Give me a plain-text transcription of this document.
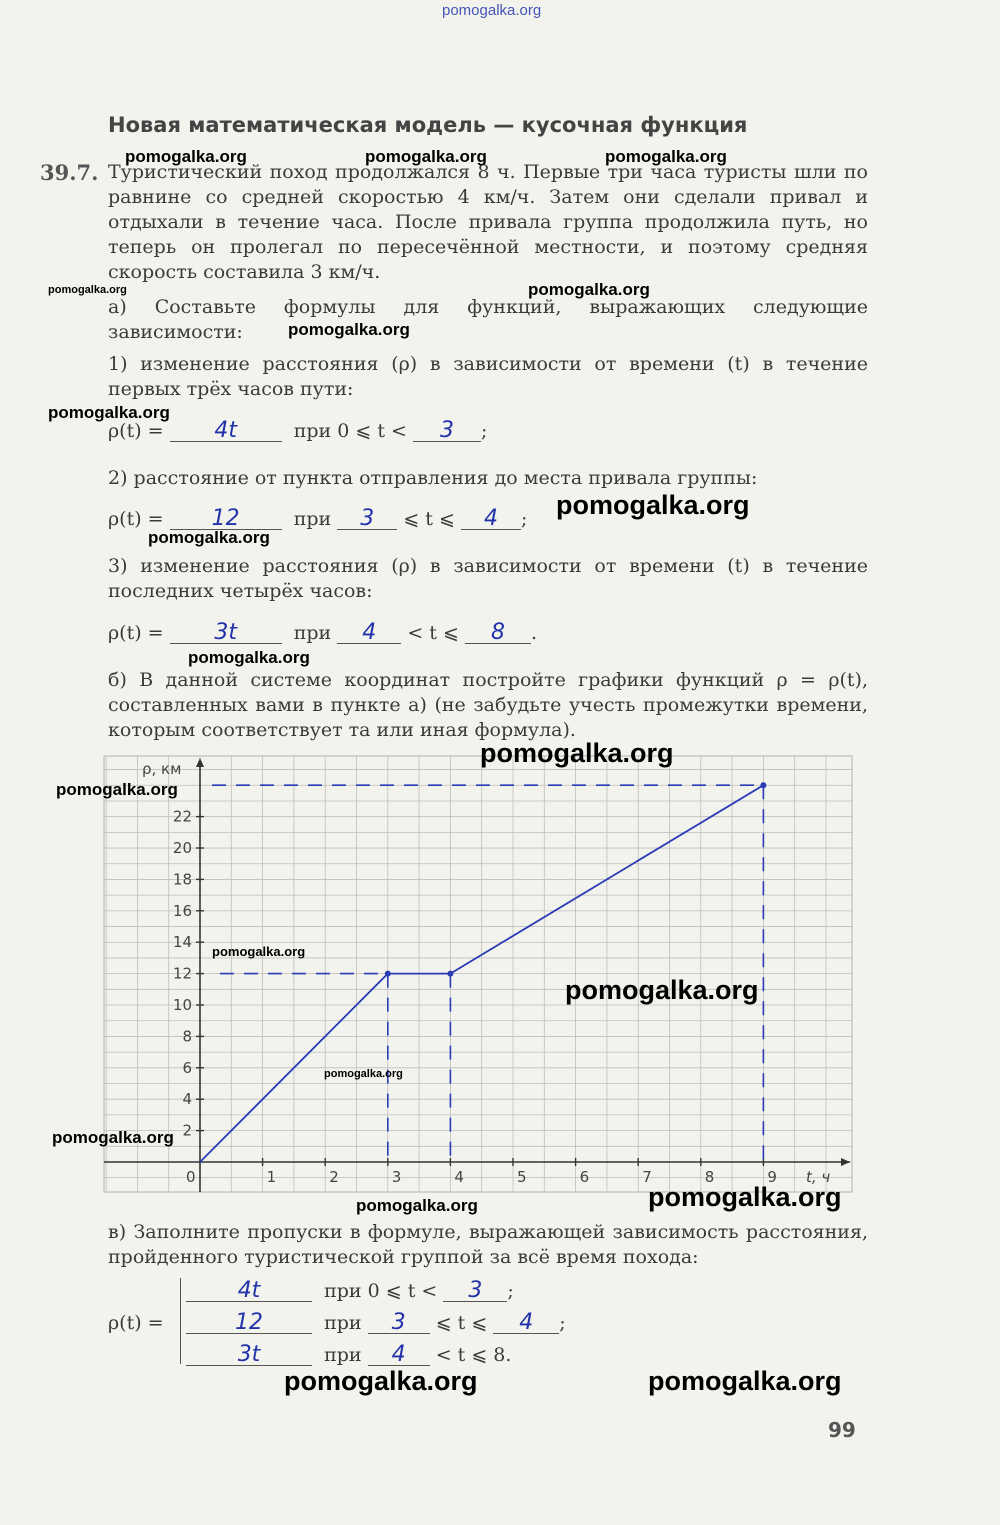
pomogalka.org
Новая математическая модель — кусочная функция
39.7. Туристический поход продолжался 8 ч. Первые три часа туристы шли по равнине со средней скоростью 4 км/ч. Затем они сделали привал и отдыхали в течение часа. После привала группа продолжила путь, но теперь он пролегал по пересечённой местности, и поэтому средняя скорость составила 3 км/ч.
а) Составьте формулы для функций, выражающих следующие зависимости:
1) изменение расстояния (ρ) в зависимости от времени (t) в течение первых трёх часов пути:
ρ(t) = 4t	при 0 ⩽ t < 3 ;
2) расстояние от пункта отправления до места привала группы:
ρ(t) = 12	при 3 ⩽ t ⩽ 4 ;
3) изменение расстояния (ρ) в зависимости от времени (t) в течение последних четырёх часов:
ρ(t) = 3t	при 4 < t ⩽ 8 .
б) В данной системе координат постройте графики функций ρ = ρ(t), составленных вами в пункте а) (не забудьте учесть промежутки времени, которым соответствует та или иная формула).
0	1	2	3	4	5	6	7	8	9
2
4
6
8
10
12
14
16
18
20
22
ρ, км
t, ч
в) Заполните пропуски в формуле, выражающей зависимость расстояния, пройденного туристической группой за всё время похода:
ρ(t) =
4t	при 0 ⩽ t < 3 ;
12	при 3 ⩽ t ⩽ 4 ;
3t	при 4 < t ⩽ 8.
99
pomogalka.org	pomogalka.org	pomogalka.org
pomogalka.org	pomogalka.org
pomogalka.org
pomogalka.org
pomogalka.org
pomogalka.org
pomogalka.org
pomogalka.org
pomogalka.org
pomogalka.org
pomogalka.org
pomogalka.org
pomogalka.org
pomogalka.org
pomogalka.org
pomogalka.org	pomogalka.org
